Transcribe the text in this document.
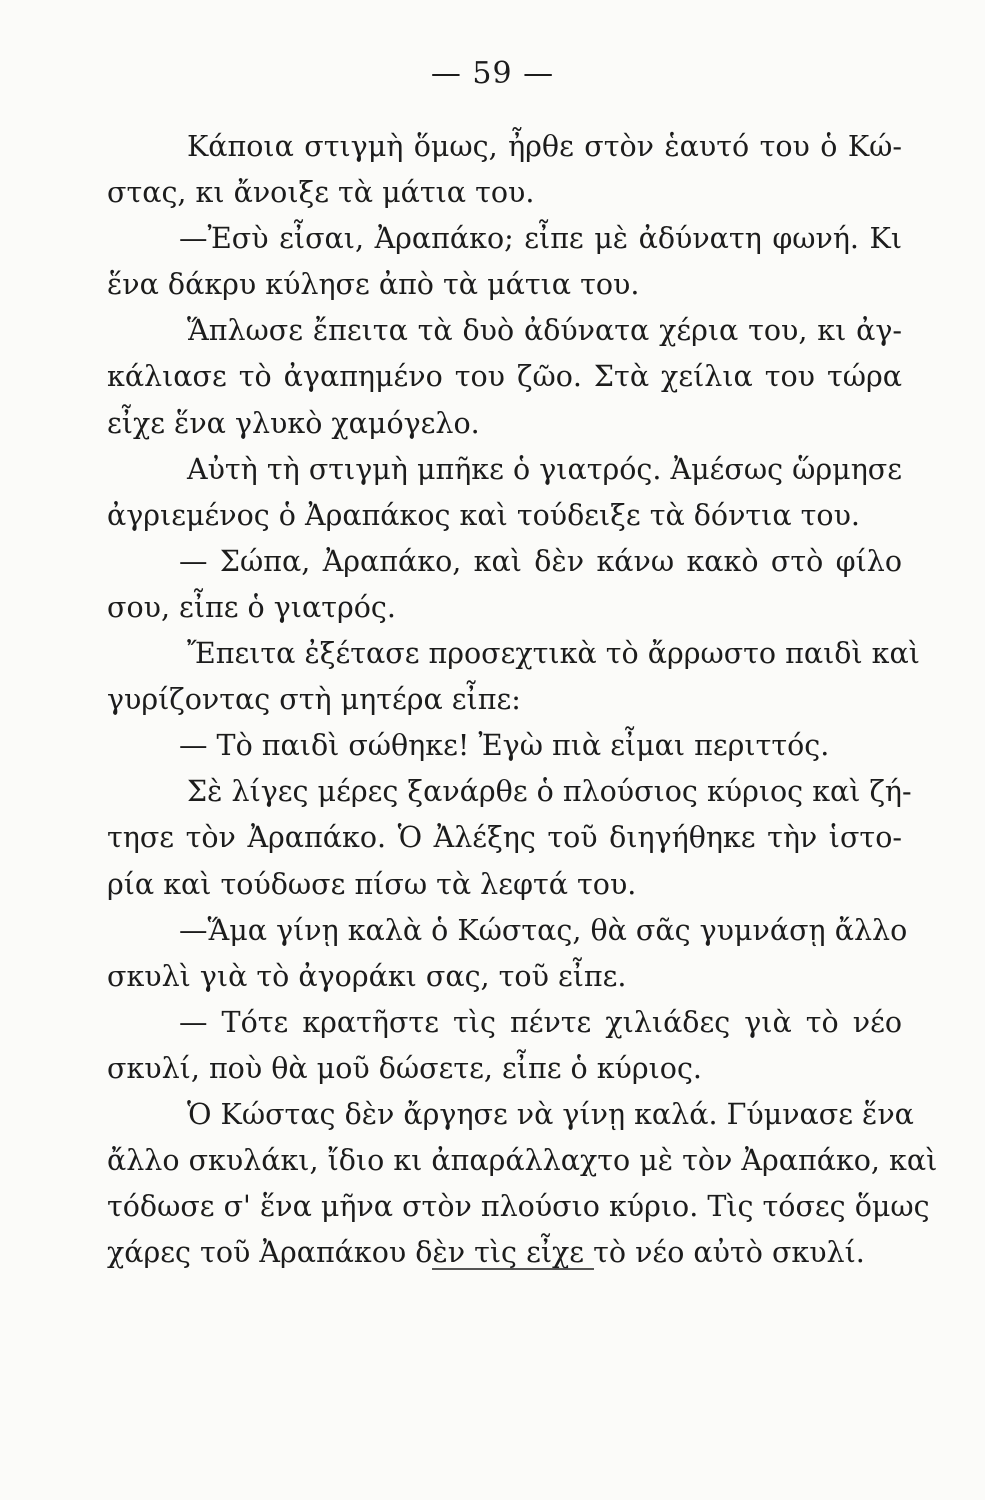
— 59 —
Κάποια στιγμὴ ὅμως, ἦρθε στὸν ἑαυτό του ὁ Κώ-
στας, κι ἄνοιξε τὰ μάτια του.
—Ἐσὺ εἶσαι, Ἀραπάκο; εἶπε μὲ ἀδύνατη φωνή. Κι
ἕνα δάκρυ κύλησε ἀπὸ τὰ μάτια του.
Ἅπλωσε ἔπειτα τὰ δυὸ ἀδύνατα χέρια του, κι ἀγ-
κάλιασε τὸ ἀγαπημένο του ζῶο. Στὰ χείλια του τώρα
εἶχε ἕνα γλυκὸ χαμόγελο.
Αὐτὴ τὴ στιγμὴ μπῆκε ὁ γιατρός. Ἀμέσως ὥρμησε
ἀγριεμένος ὁ Ἀραπάκος καὶ τούδειξε τὰ δόντια του.
— Σώπα, Ἀραπάκο, καὶ δὲν κάνω κακὸ στὸ φίλο
σου, εἶπε ὁ γιατρός.
Ἔπειτα ἐξέτασε προσεχτικὰ τὸ ἄρρωστο παιδὶ καὶ
γυρίζοντας στὴ μητέρα εἶπε:
— Τὸ παιδὶ σώθηκε! Ἐγὼ πιὰ εἶμαι περιττός.
Σὲ λίγες μέρες ξανάρθε ὁ πλούσιος κύριος καὶ ζή-
τησε τὸν Ἀραπάκο. Ὁ Ἀλέξης τοῦ διηγήθηκε τὴν ἱστο-
ρία καὶ τούδωσε πίσω τὰ λεφτά του.
—Ἅμα γίνῃ καλὰ ὁ Κώστας, θὰ σᾶς γυμνάσῃ ἄλλο
σκυλὶ γιὰ τὸ ἀγοράκι σας, τοῦ εἶπε.
— Τότε κρατῆστε τὶς πέντε χιλιάδες γιὰ τὸ νέο
σκυλί, ποὺ θὰ μοῦ δώσετε, εἶπε ὁ κύριος.
Ὁ Κώστας δὲν ἄργησε νὰ γίνῃ καλά. Γύμνασε ἕνα
ἄλλο σκυλάκι, ἴδιο κι ἀπαράλλαχτο μὲ τὸν Ἀραπάκο, καὶ
τόδωσε σ' ἕνα μῆνα στὸν πλούσιο κύριο. Τὶς τόσες ὅμως
χάρες τοῦ Ἀραπάκου δὲν τὶς εἶχε τὸ νέο αὐτὸ σκυλί.
